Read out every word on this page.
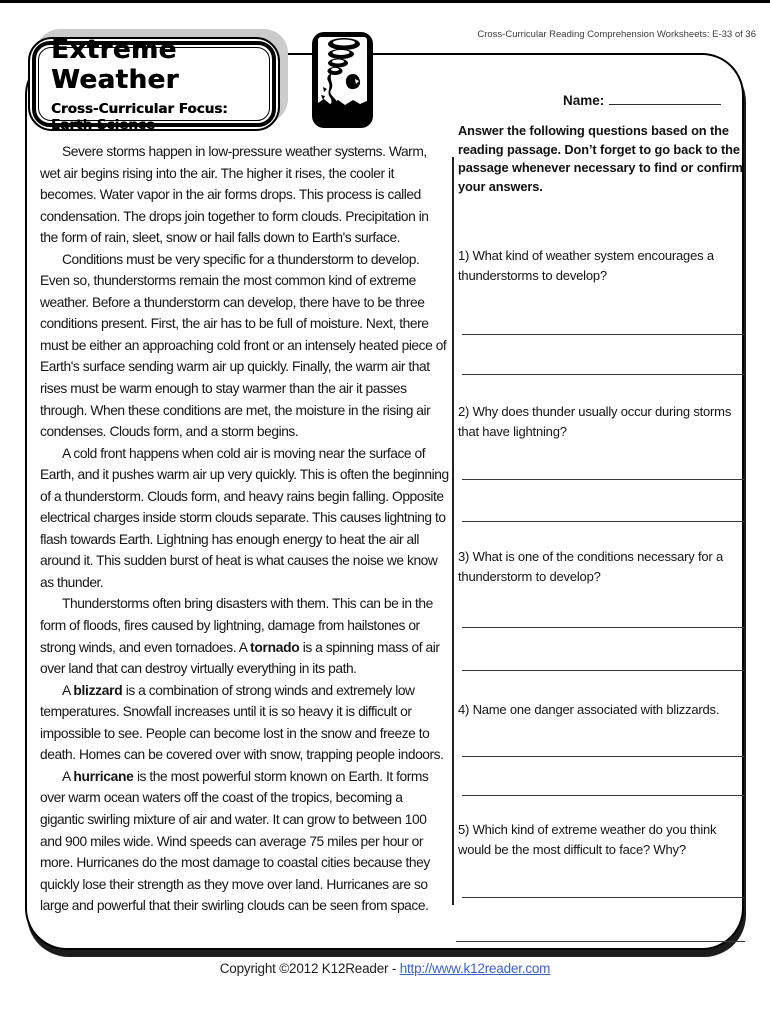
Cross-Curricular Reading Comprehension Worksheets: E-33 of 36
Extreme Weather
Cross-Curricular Focus: Earth Science
Name:
Answer the following questions based on the reading passage. Don’t forget to go back to the passage whenever necessary to find or confirm your answers.

Severe storms happen in low-pressure weather systems. Warm, wet air begins rising into the air. The higher it rises, the cooler it becomes. Water vapor in the air forms drops. This process is called condensation. The drops join together to form clouds. Precipitation in the form of rain, sleet, snow or hail falls down to Earth's surface.

Conditions must be very specific for a thunderstorm to develop. Even so, thunderstorms remain the most common kind of extreme weather. Before a thunderstorm can develop, there have to be three conditions present. First, the air has to be full of moisture. Next, there must be either an approaching cold front or an intensely heated piece of Earth's surface sending warm air up quickly. Finally, the warm air that rises must be warm enough to stay warmer than the air it passes through. When these conditions are met, the moisture in the rising air condenses. Clouds form, and a storm begins.

A cold front happens when cold air is moving near the surface of Earth, and it pushes warm air up very quickly. This is often the beginning of a thunderstorm. Clouds form, and heavy rains begin falling. Opposite electrical charges inside storm clouds separate. This causes lightning to flash towards Earth. Lightning has enough energy to heat the air all around it. This sudden burst of heat is what causes the noise we know as thunder.

Thunderstorms often bring disasters with them. This can be in the form of floods, fires caused by lightning, damage from hailstones or strong winds, and even tornadoes. A tornado is a spinning mass of air over land that can destroy virtually everything in its path.

A blizzard is a combination of strong winds and extremely low temperatures. Snowfall increases until it is so heavy it is difficult or impossible to see. People can become lost in the snow and freeze to death. Homes can be covered over with snow, trapping people indoors.

A hurricane is the most powerful storm known on Earth. It forms over warm ocean waters off the coast of the tropics, becoming a gigantic swirling mixture of air and water. It can grow to between 100 and 900 miles wide. Wind speeds can average 75 miles per hour or more. Hurricanes do the most damage to coastal cities because they quickly lose their strength as they move over land. Hurricanes are so large and powerful that their swirling clouds can be seen from space.

1) What kind of weather system encourages a thunderstorms to develop?
2) Why does thunder usually occur during storms that have lightning?
3) What is one of the conditions necessary for a thunderstorm to develop?
4) Name one danger associated with blizzards.
5) Which kind of extreme weather do you think would be the most difficult to face? Why?
Copyright ©2012 K12Reader - http://www.k12reader.com
